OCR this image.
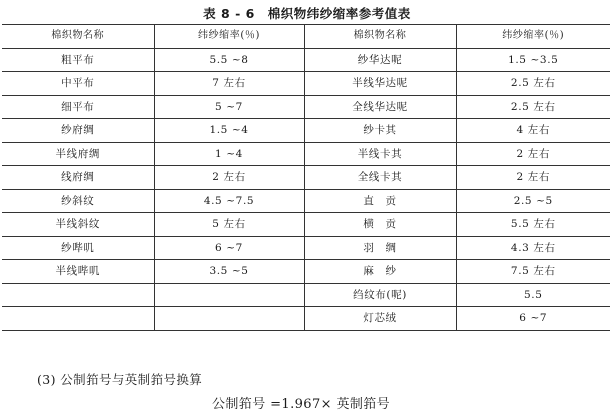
表 8 - 6　棉织物纬纱缩率参考值表
棉织物名称	纬纱缩率(％)	棉织物名称	纬纱缩率(％)
粗平布	5.5 ~8	纱华达呢	1.5 ~3.5
中平布	7 左右	半线华达呢	2.5 左右
细平布	5 ~7	全线华达呢	2.5 左右
纱府绸	1.5 ~4	纱卡其	4 左右
半线府绸	1 ~4	半线卡其	2 左右
线府绸	2 左右	全线卡其	2 左右
纱斜纹	4.5 ~7.5	直　贡	2.5 ~5
半线斜纹	5 左右	横　贡	5.5 左右
纱哔叽	6 ~7	羽　绸	4.3 左右
半线哔叽	3.5 ~5	麻　纱	7.5 左右
		绉纹布(呢)	5.5
		灯芯绒	6 ~7
(3) 公制筘号与英制筘号换算
公制筘号 =1.967× 英制筘号
